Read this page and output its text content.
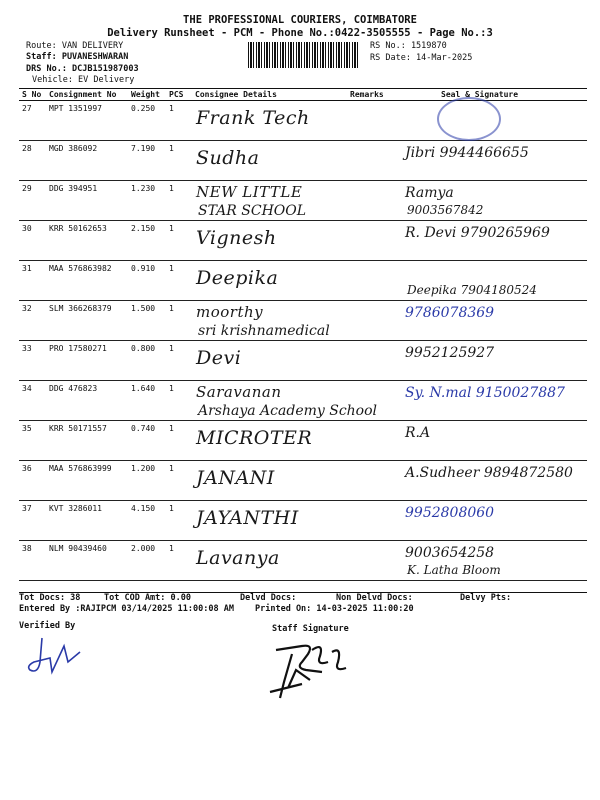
THE PROFESSIONAL COURIERS, COIMBATORE
Delivery Runsheet - PCM - Phone No.:0422-3505555 - Page No.:3
Route: VAN DELIVERY
Staff: PUVANESHWARAN
DRS No.: DCJB151987003
Vehicle: EV Delivery
RS No.: 1519870
RS Date: 14-Mar-2025
S No	Consignment No	Weight	PCS	Consignee Details	Remarks	Seal & Signature
27	MPT 1351997	0.250	1	Frank Tech		

28	MGD 386092	7.190	1	Sudha		Jibri 9944466655

29	DDG 394951	1.230	1	NEW LITTLE
STAR SCHOOL		Ramya
9003567842

30	KRR 50162653	2.150	1	Vignesh		R. Devi 9790265969

31	MAA 576863982	0.910	1	Deepika		Deepika 7904180524

32	SLM 366268379	1.500	1	moorthy
sri krishnamedical		9786078369

33	PRO 17580271	0.800	1	Devi		9952125927

34	DDG 476823	1.640	1	Saravanan
Arshaya Academy School		Sy. N.mal 9150027887

35	KRR 50171557	0.740	1	MICROTER		R.A

36	MAA 576863999	1.200	1	JANANI		A.Sudheer 9894872580

37	KVT 3286011	4.150	1	JAYANTHI		9952808060

38	NLM 90439460	2.000	1	Lavanya		9003654258
K. Latha Bloom
Tot Docs: 38	Tot COD Amt: 0.00	Delvd Docs:	Non Delvd Docs:	Delvy Pts:
Entered By :RAJIPCM 03/14/2025 11:00:08 AM Printed On: 14-03-2025 11:00:20
Verified By	Staff Signature
